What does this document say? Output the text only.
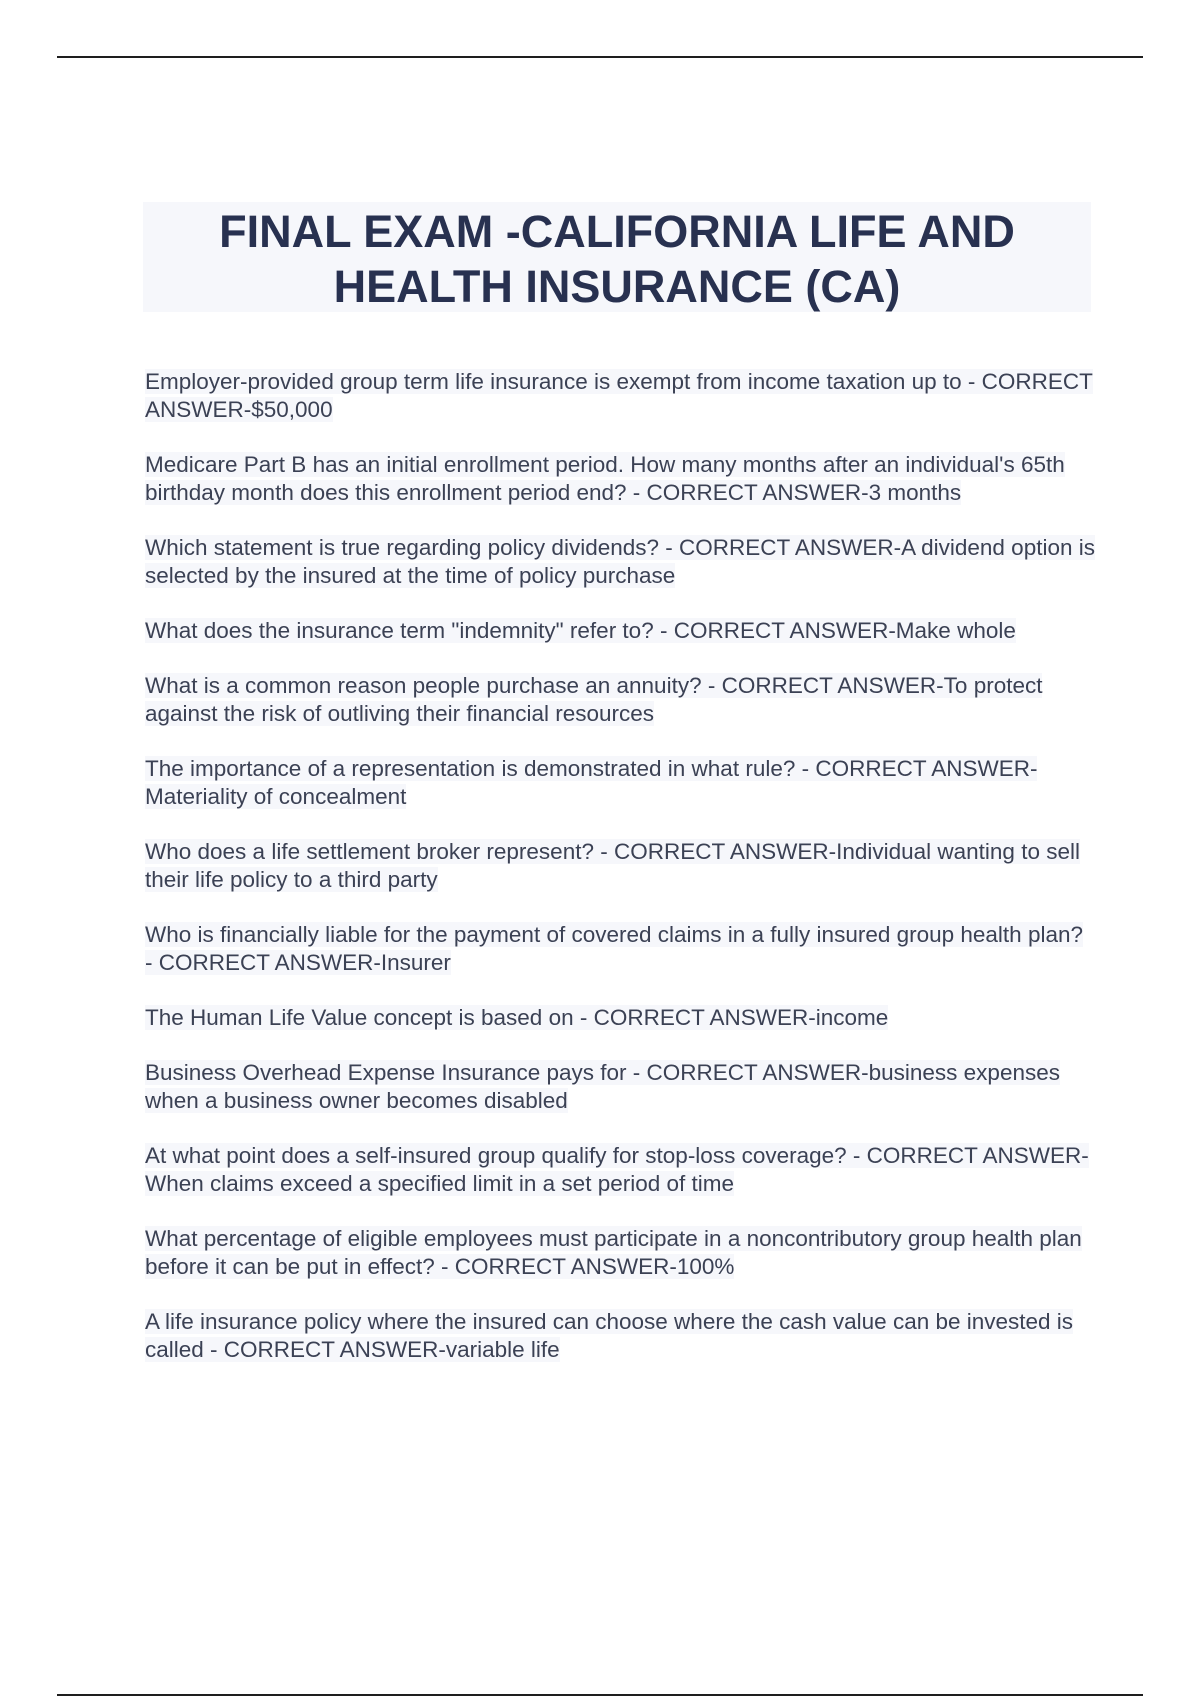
FINAL EXAM -CALIFORNIA LIFE AND HEALTH INSURANCE (CA)
Employer-provided group term life insurance is exempt from income taxation up to - CORRECT ANSWER-$50,000
Medicare Part B has an initial enrollment period. How many months after an individual's 65th birthday month does this enrollment period end? - CORRECT ANSWER-3 months
Which statement is true regarding policy dividends? - CORRECT ANSWER-A dividend option is selected by the insured at the time of policy purchase
What does the insurance term "indemnity" refer to? - CORRECT ANSWER-Make whole
What is a common reason people purchase an annuity? - CORRECT ANSWER-To protect against the risk of outliving their financial resources
The importance of a representation is demonstrated in what rule? - CORRECT ANSWER-Materiality of concealment
Who does a life settlement broker represent? - CORRECT ANSWER-Individual wanting to sell their life policy to a third party
Who is financially liable for the payment of covered claims in a fully insured group health plan? - CORRECT ANSWER-Insurer
The Human Life Value concept is based on - CORRECT ANSWER-income
Business Overhead Expense Insurance pays for - CORRECT ANSWER-business expenses when a business owner becomes disabled
At what point does a self-insured group qualify for stop-loss coverage? - CORRECT ANSWER-When claims exceed a specified limit in a set period of time
What percentage of eligible employees must participate in a noncontributory group health plan before it can be put in effect? - CORRECT ANSWER-100%
A life insurance policy where the insured can choose where the cash value can be invested is called - CORRECT ANSWER-variable life
